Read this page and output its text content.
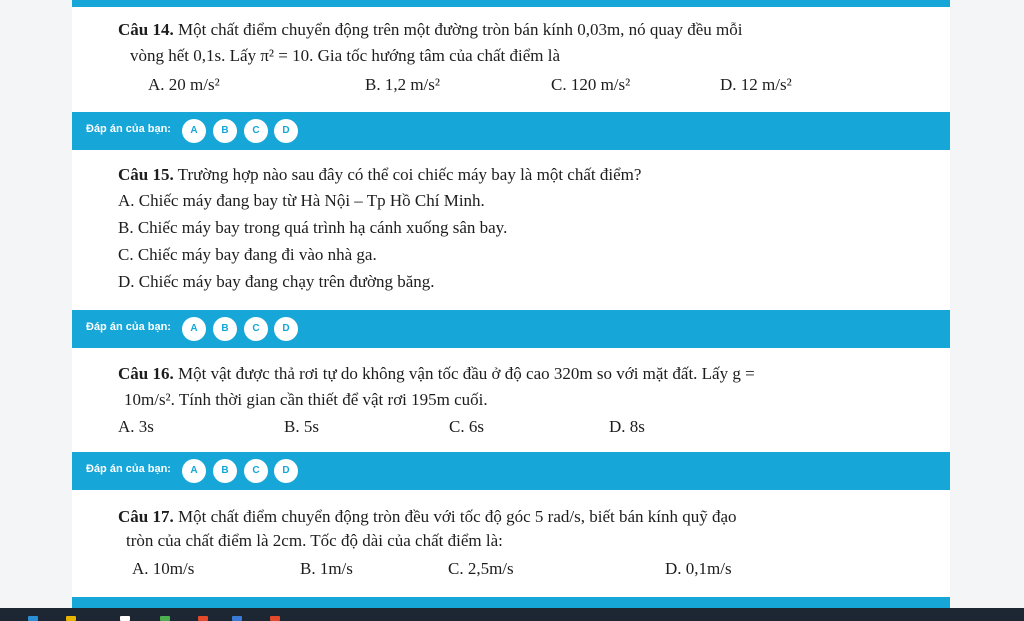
Câu 14. Một chất điểm chuyển động trên một đường tròn bán kính 0,03m, nó quay đều mỗi
vòng hết 0,1s. Lấy π² = 10. Gia tốc hướng tâm của chất điểm là
A. 20 m/s²	B. 1,2 m/s²	C. 120 m/s²	D. 12 m/s²
Đáp án của bạn:	A	B	C	D
Câu 15. Trường hợp nào sau đây có thể coi chiếc máy bay là một chất điểm?
A. Chiếc máy đang bay từ Hà Nội – Tp Hồ Chí Minh.
B. Chiếc máy bay trong quá trình hạ cánh xuống sân bay.
C. Chiếc máy bay đang đi vào nhà ga.
D. Chiếc máy bay đang chạy trên đường băng.
Đáp án của bạn:	A	B	C	D
Câu 16. Một vật được thả rơi tự do không vận tốc đầu ở độ cao 320m so với mặt đất. Lấy g =
10m/s². Tính thời gian cần thiết để vật rơi 195m cuối.
A. 3s	B. 5s	C. 6s	D. 8s
Đáp án của bạn:	A	B	C	D
Câu 17. Một chất điểm chuyển động tròn đều với tốc độ góc 5 rad/s, biết bán kính quỹ đạo
tròn của chất điểm là 2cm. Tốc độ dài của chất điểm là:
A. 10m/s	B. 1m/s	C. 2,5m/s	D. 0,1m/s
